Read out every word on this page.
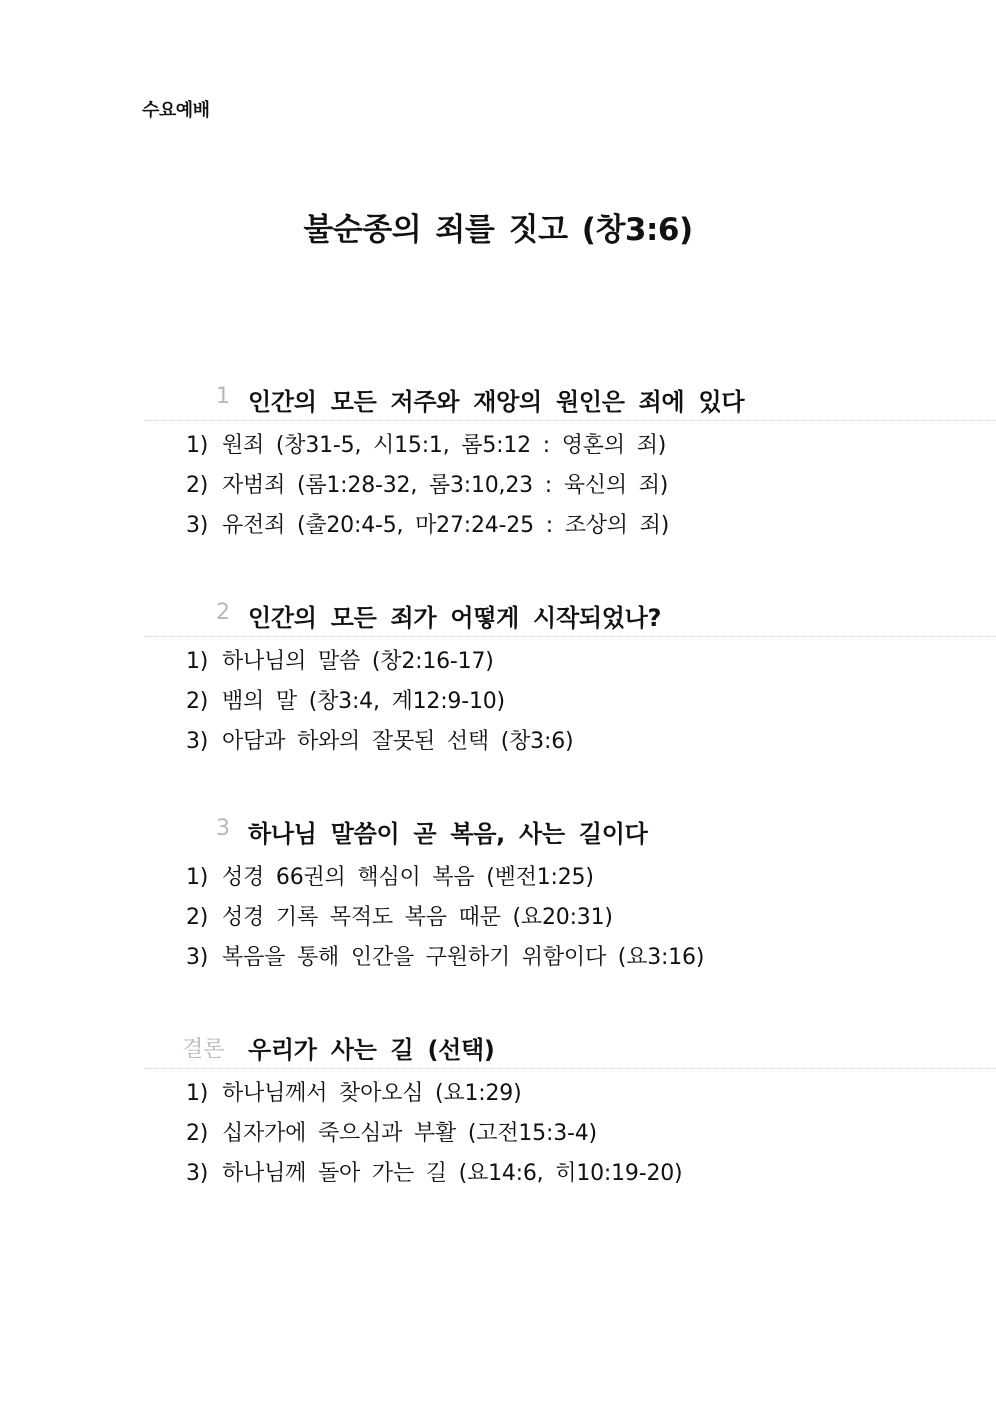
수요예배
불순종의 죄를 짓고 (창3:6)
1 인간의 모든 저주와 재앙의 원인은 죄에 있다
1) 원죄 (창31-5, 시15:1, 롬5:12 : 영혼의 죄)
2) 자범죄 (롬1:28-32, 롬3:10,23 : 육신의 죄)
3) 유전죄 (출20:4-5, 마27:24-25 : 조상의 죄)
2 인간의 모든 죄가 어떻게 시작되었나?
1) 하나님의 말씀 (창2:16-17)
2) 뱀의 말 (창3:4, 계12:9-10)
3) 아담과 하와의 잘못된 선택 (창3:6)
3 하나님 말씀이 곧 복음, 사는 길이다
1) 성경 66권의 핵심이 복음 (벧전1:25)
2) 성경 기록 목적도 복음 때문 (요20:31)
3) 복음을 통해 인간을 구원하기 위함이다 (요3:16)
결론 우리가 사는 길 (선택)
1) 하나님께서 찾아오심 (요1:29)
2) 십자가에 죽으심과 부활 (고전15:3-4)
3) 하나님께 돌아 가는 길 (요14:6, 히10:19-20)
